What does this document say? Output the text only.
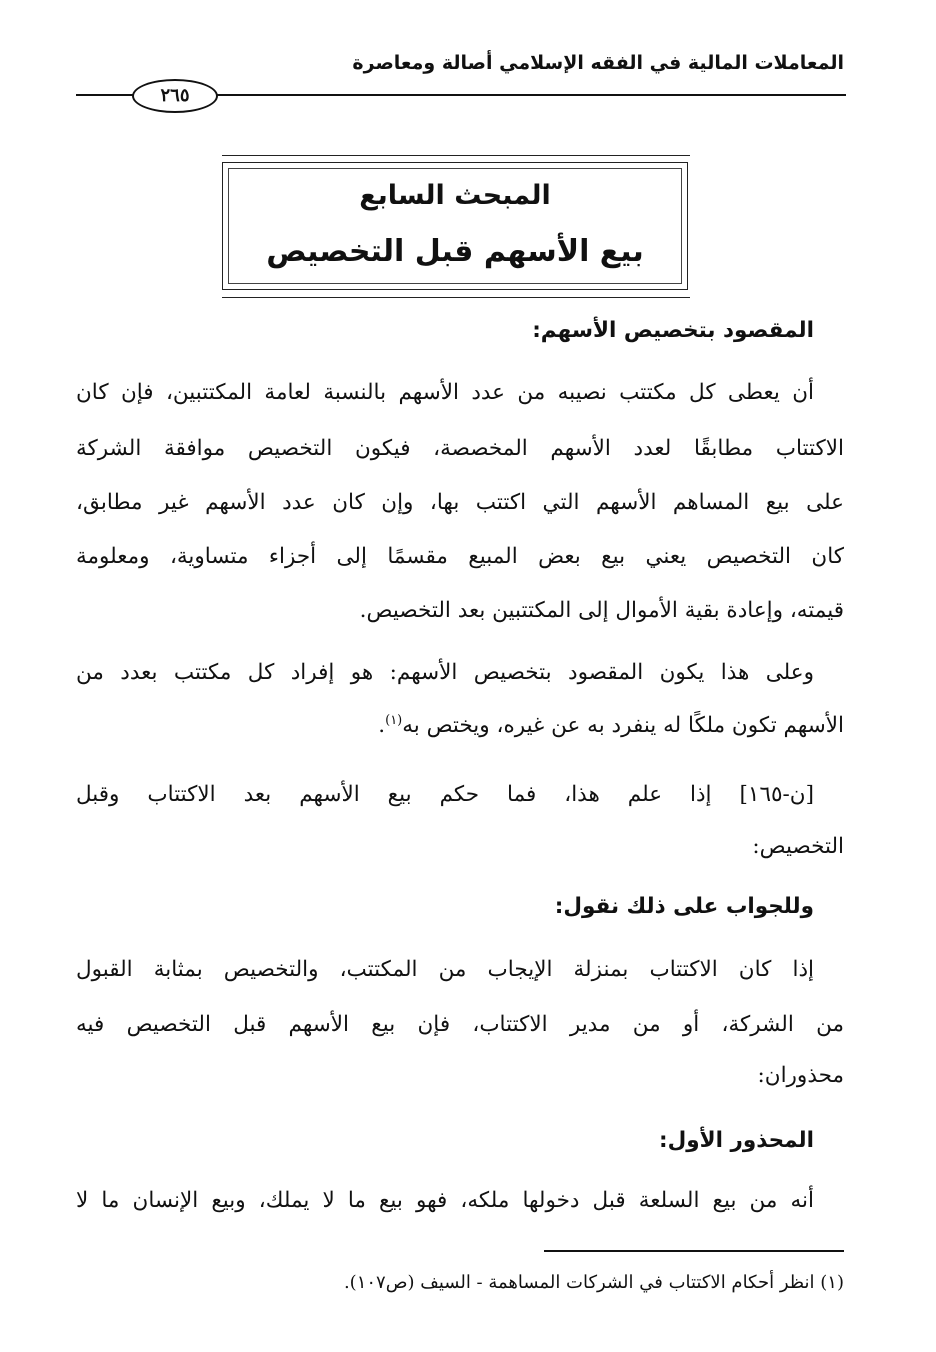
المعاملات المالية في الفقه الإسلامي أصالة ومعاصرة
٢٦٥
المبحث السابع
بيع الأسهم قبل التخصيص
المقصود بتخصيص الأسهم:
أن يعطى كل مكتتب نصيبه من عدد الأسهم بالنسبة لعامة المكتتبين، فإن كان
الاكتتاب مطابقًا لعدد الأسهم المخصصة، فيكون التخصيص موافقة الشركة
على بيع المساهم الأسهم التي اكتتب بها، وإن كان عدد الأسهم غير مطابق،
كان التخصيص يعني بيع بعض المبيع مقسمًا إلى أجزاء متساوية، ومعلومة
قيمته، وإعادة بقية الأموال إلى المكتتبين بعد التخصيص.
وعلى هذا يكون المقصود بتخصيص الأسهم: هو إفراد كل مكتتب بعدد من
الأسهم تكون ملكًا له ينفرد به عن غيره، ويختص به$^{(١)}$.
[ن-١٦٥] إذا علم هذا، فما حكم بيع الأسهم بعد الاكتتاب وقبل
التخصيص:
وللجواب على ذلك نقول:
إذا كان الاكتتاب بمنزلة الإيجاب من المكتتب، والتخصيص بمثابة القبول
من الشركة، أو من مدير الاكتتاب، فإن بيع الأسهم قبل التخصيص فيه
محذوران:
المحذور الأول:
أنه من بيع السلعة قبل دخولها ملكه، فهو بيع ما لا يملك، وبيع الإنسان ما لا
(١) انظر أحكام الاكتتاب في الشركات المساهمة - السيف (ص١٠٧).
